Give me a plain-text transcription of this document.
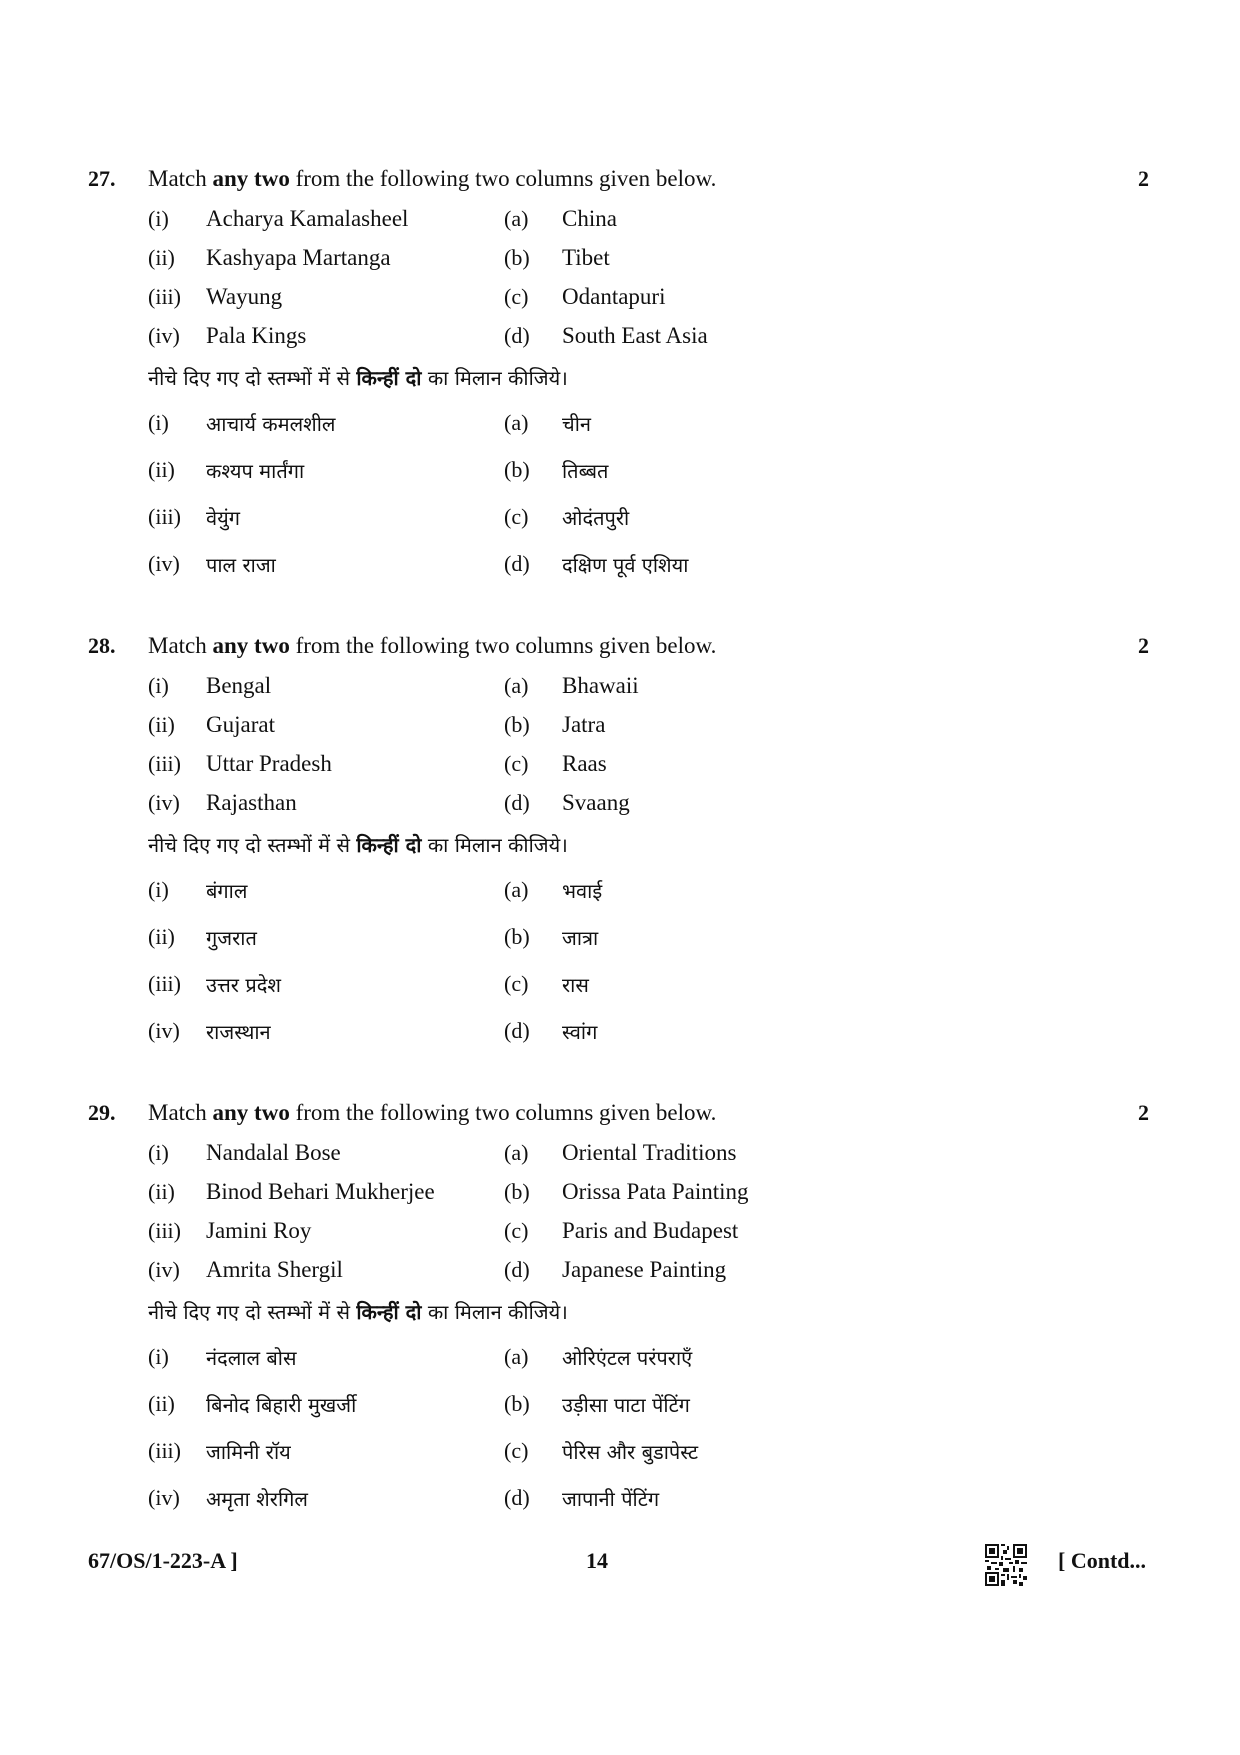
27. Match any two from the following two columns given below.	2
(i) Acharya Kamalasheel	(a) China
(ii) Kashyapa Martanga	(b) Tibet
(iii) Wayung	(c) Odantapuri
(iv) Pala Kings	(d) South East Asia
नीचे दिए गए दो स्तम्भों में से किन्हीं दो का मिलान कीजिये।
(i) आचार्य कमलशील	(a) चीन
(ii) कश्यप मार्तंगा	(b) तिब्बत
(iii) वेयुंग	(c) ओदंतपुरी
(iv) पाल राजा	(d) दक्षिण पूर्व एशिया
28. Match any two from the following two columns given below.	2
(i) Bengal	(a) Bhawaii
(ii) Gujarat	(b) Jatra
(iii) Uttar Pradesh	(c) Raas
(iv) Rajasthan	(d) Svaang
नीचे दिए गए दो स्तम्भों में से किन्हीं दो का मिलान कीजिये।
(i) बंगाल	(a) भवाई
(ii) गुजरात	(b) जात्रा
(iii) उत्तर प्रदेश	(c) रास
(iv) राजस्थान	(d) स्वांग
29. Match any two from the following two columns given below.	2
(i) Nandalal Bose	(a) Oriental Traditions
(ii) Binod Behari Mukherjee	(b) Orissa Pata Painting
(iii) Jamini Roy	(c) Paris and Budapest
(iv) Amrita Shergil	(d) Japanese Painting
नीचे दिए गए दो स्तम्भों में से किन्हीं दो का मिलान कीजिये।
(i) नंदलाल बोस	(a) ओरिएंटल परंपराएँ
(ii) बिनोद बिहारी मुखर्जी	(b) उड़ीसा पाटा पेंटिंग
(iii) जामिनी रॉय	(c) पेरिस और बुडापेस्ट
(iv) अमृता शेरगिल	(d) जापानी पेंटिंग
67/OS/1-223-A ]	14	[ Contd...
